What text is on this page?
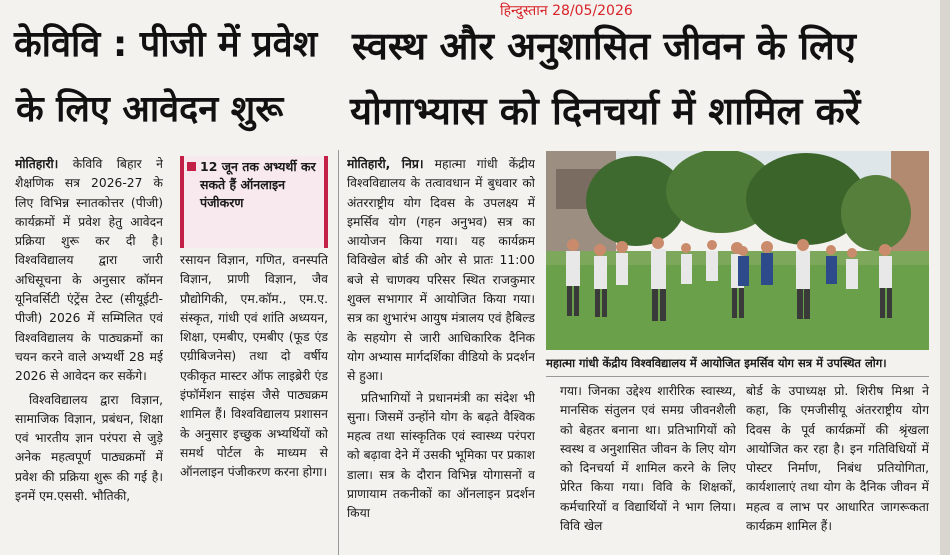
हिन्दुस्तान 28/05/2026
केविवि : पीजी में प्रवेश
के लिए आवेदन शुरू

मोतिहारी। केविवि बिहार ने शैक्षणिक सत्र 2026-27 के लिए विभिन्न स्नातकोत्तर (पीजी) कार्यक्रमों में प्रवेश हेतु आवेदन प्रक्रिया शुरू कर दी है। विश्वविद्यालय द्वारा जारी अधिसूचना के अनुसार कॉमन यूनिवर्सिटी एंट्रेंस टेस्ट (सीयूईटी-पीजी) 2026 में सम्मिलित एवं विश्वविद्यालय के पाठ्यक्रमों का चयन करने वाले अभ्यर्थी 28 मई 2026 से आवेदन कर सकेंगे।

विश्वविद्यालय द्वारा विज्ञान, सामाजिक विज्ञान, प्रबंधन, शिक्षा एवं भारतीय ज्ञान परंपरा से जुड़े अनेक महत्वपूर्ण पाठ्यक्रमों में प्रवेश की प्रक्रिया शुरू की गई है। इनमें एम.एससी. भौतिकी,

12 जून तक अभ्यर्थी कर सकते हैं ऑनलाइन पंजीकरण

रसायन विज्ञान, गणित, वनस्पति विज्ञान, प्राणी विज्ञान, जैव प्रौद्योगिकी, एम.कॉम., एम.ए. संस्कृत, गांधी एवं शांति अध्ययन, शिक्षा, एमबीए, एमबीए (फूड एंड एग्रीबिजनेस) तथा दो वर्षीय एकीकृत मास्टर ऑफ लाइब्रेरी एंड इंफॉर्मेशन साइंस जैसे पाठ्यक्रम शामिल हैं। विश्वविद्यालय प्रशासन के अनुसार इच्छुक अभ्यर्थियों को समर्थ पोर्टल के माध्यम से ऑनलाइन पंजीकरण करना होगा।

स्वस्थ और अनुशासित जीवन के लिए
योगाभ्यास को दिनचर्या में शामिल करें

मोतिहारी, निप्र। महात्मा गांधी केंद्रीय विश्वविद्यालय के तत्वावधान में बुधवार को अंतरराष्ट्रीय योग दिवस के उपलक्ष्य में इमर्सिव योग (गहन अनुभव) सत्र का आयोजन किया गया। यह कार्यक्रम विविखेल बोर्ड की ओर से प्रातः 11:00 बजे से चाणक्य परिसर स्थित राजकुमार शुक्ल सभागार में आयोजित किया गया। सत्र का शुभारंभ आयुष मंत्रालय एवं हैबिल्ड के सहयोग से जारी आधिकारिक दैनिक योग अभ्यास मार्गदर्शिका वीडियो के प्रदर्शन से हुआ।

प्रतिभागियों ने प्रधानमंत्री का संदेश भी सुना। जिसमें उन्होंने योग के बढ़ते वैश्विक महत्व तथा सांस्कृतिक एवं स्वास्थ्य परंपरा को बढ़ावा देने में उसकी भूमिका पर प्रकाश डाला। सत्र के दौरान विभिन्न योगासनों व प्राणायाम तकनीकों का ऑनलाइन प्रदर्शन किया

महात्मा गांधी केंद्रीय विश्वविद्यालय में आयोजित इमर्सिव योग सत्र में उपस्थित लोग।

गया। जिनका उद्देश्य शारीरिक स्वास्थ्य, मानसिक संतुलन एवं समग्र जीवनशैली को बेहतर बनाना था। प्रतिभागियों को स्वस्थ व अनुशासित जीवन के लिए योग को दिनचर्या में शामिल करने के लिए प्रेरित किया गया। विवि के शिक्षकों, कर्मचारियों व विद्यार्थियों ने भाग लिया। विवि खेल

बोर्ड के उपाध्यक्ष प्रो. शिरीष मिश्रा ने कहा, कि एमजीसीयू अंतरराष्ट्रीय योग दिवस के पूर्व कार्यक्रमों की श्रृंखला आयोजित कर रहा है। इन गतिविधियों में पोस्टर निर्माण, निबंध प्रतियोगिता, कार्यशालाएं तथा योग के दैनिक जीवन में महत्व व लाभ पर आधारित जागरूकता कार्यक्रम शामिल हैं।
